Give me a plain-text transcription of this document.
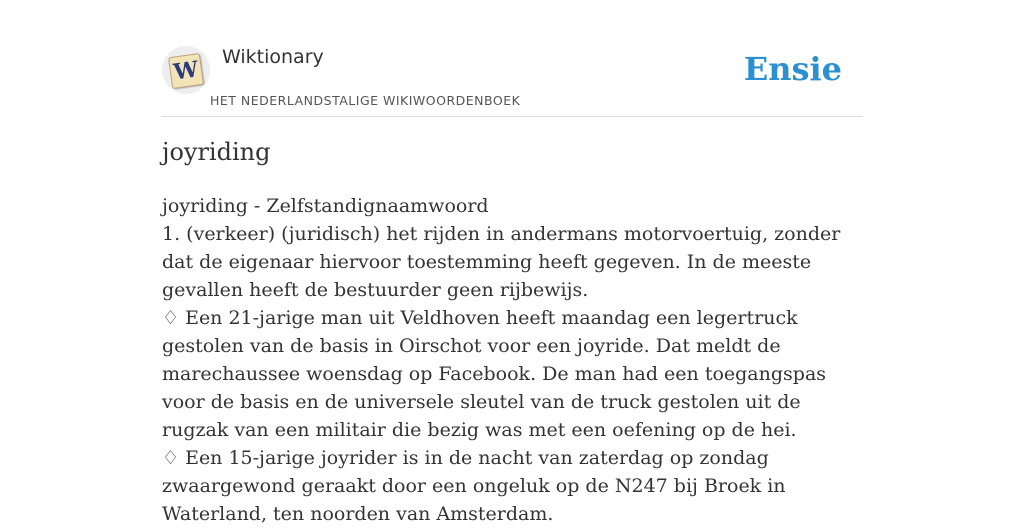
W Wiktionary
HET NEDERLANDSTALIGE WIKIWOORDENBOEK
Ensie
joyriding

joyriding - Zelfstandignaamwoord

1. (verkeer) (juridisch) het rijden in andermans motorvoertuig, zonder dat de eigenaar hiervoor toestemming heeft gegeven. In de meeste gevallen heeft de bestuurder geen rijbewijs.

♢ Een 21-jarige man uit Veldhoven heeft maandag een legertruck gestolen van de basis in Oirschot voor een joyride. Dat meldt de marechaussee woensdag op Facebook. De man had een toegangspas voor de basis en de universele sleutel van de truck gestolen uit de rugzak van een militair die bezig was met een oefening op de hei.

♢ Een 15-jarige joyrider is in de nacht van zaterdag op zondag zwaargewond geraakt door een ongeluk op de N247 bij Broek in Waterland, ten noorden van Amsterdam.
